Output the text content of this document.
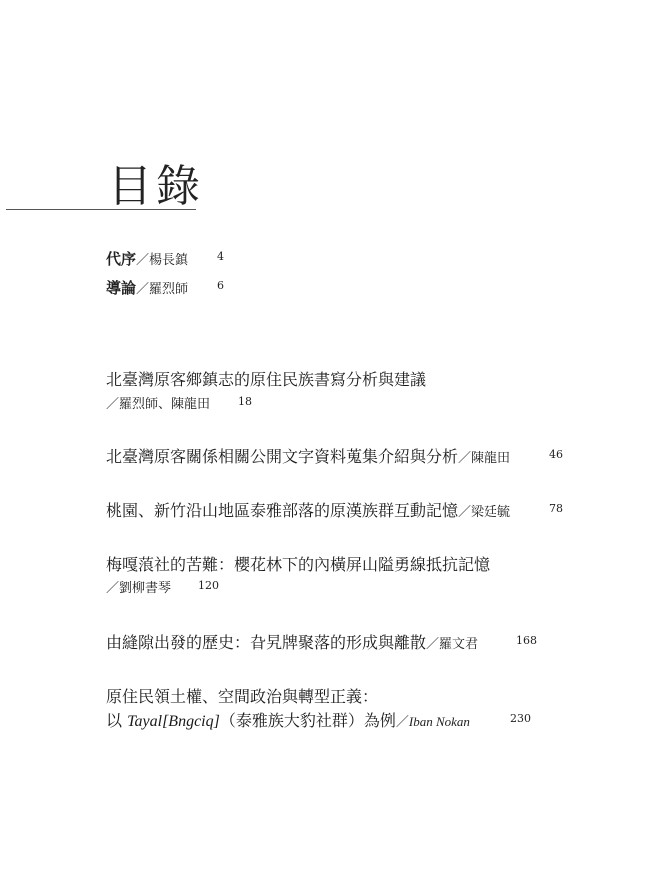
目錄
代序／楊長鎮	4
導論／羅烈師	6
北臺灣原客鄉鎮志的原住民族書寫分析與建議
／羅烈師、陳龍田	18
北臺灣原客關係相關公開文字資料蒐集介紹與分析／陳龍田	46
桃園、新竹沿山地區泰雅部落的原漢族群互動記憶／梁廷毓	78
梅嘎蒗社的苦難：櫻花林下的內橫屏山隘勇線抵抗記憶
／劉柳書琴 120
由縫隙出發的歷史：旮旯牌聚落的形成與離散／羅文君	168
原住民領土權、空間政治與轉型正義：
以 Tayal[Bngciq]（泰雅族大豹社群）為例／Iban Nokan	230
